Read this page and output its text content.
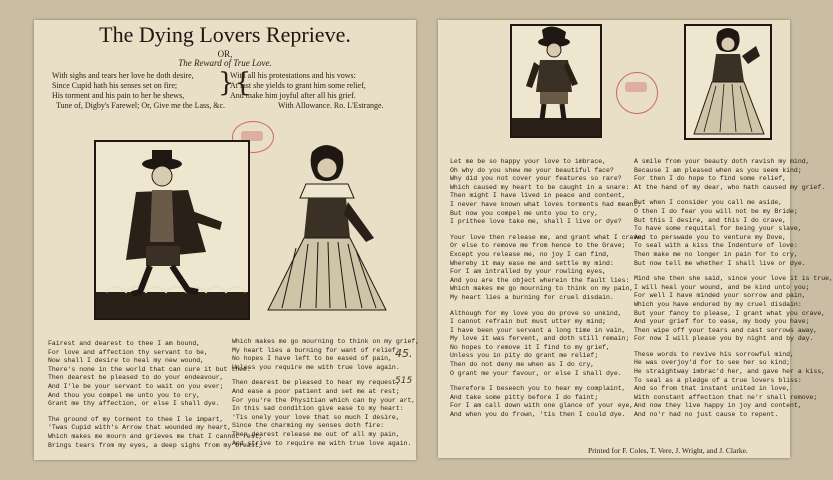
The Dying Lovers Reprieve.
OR,
The Reward of True Love.
With sighs and tears her love he doth desire,
Since Cupid hath his senses set on fire;
His torment and his pain to her he shews,	}{
With all his protestations and his vows:
At last she yields to grant him some relief,
And make him joyful after all his grief.
Tune of, Digby's Farewel; Or, Give me the Lass, &c.	With Allowance. Ro. L'Estrange.
Fairest and dearest to thee I am bound,
For love and affection thy servant to be,
Now shall I desire to heal my new wound,
There's none in the world that can cure it but thee:
Then dearest be pleased to do your endeavour,
And I'le be your servant to wait on you ever;
And thou you compel me unto you to cry,
Grant me thy affection, or else I shall dye.
The ground of my torment to thee I le impart,
'Twas Cupid with's Arrow that wounded my heart,
Which makes me mourn and grieves me that I cannot rest,
Brings tears from my eyes, a deep sighs from my breast,
Which makes me go mourning to think on my grief,
My heart lies a burning for want of relief;
No hopes I have left to be eased of pain,
Unless you require me with true love again.
Then dearest be pleased to hear my request,
And ease a poor patient and set me at rest;
For you're the Physitian which can by your art,
In this sad condition give ease to my heart:
'Tis onely your love that so much I desire,
Since the charming my senses doth fire:
Then dearest release me out of all my pain,
And strive to require me with true love again.
45.
515
Let me be so happy your love to imbrace,
Oh why do you shew me your beautiful face?
Why did you not cover your features so rare?
Which caused my heart to be caught in a snare:
Then might I have lived in peace and content,
I never have known what loves torments had meant;
But now you compel me unto you to cry,
I prithee love take me, shall I live or dye?
Your love then release me, and grant what I crave,
Or else to remove me from hence to the Grave;
Except you release me, no joy I can find,
Whereby it may ease me and settle my mind:
For I am intralled by your rowling eyes,
And you are the object wherein the fault lies:
Which makes me go mourning to think on my pain,
My heart lies a burning for cruel disdain.
Although for my love you do prove so unkind,
I cannot refrain but must utter my mind;
I have been your servant a long time in vain,
My love it was fervent, and doth still remain;
No hopes to remove it I find to my grief,
Unless you in pity do grant me relief;
Then do not deny me when as I do cry,
O grant me your favour, or else I shall dye.
Therefore I beseech you to hear my complaint,
And take some pitty before I do faint;
For I am call down with one glance of your eye,
And when you do frown, 'tis then I could dye.
A smile from your beauty doth ravish my mind,
Because I am pleased when as you seem kind;
For then I do hope to find some relief,
At the hand of my dear, who hath caused my grief.
But when I consider you call me aside,
O then I do fear you will not be my Bride;
But this I desire, and this I do crave,
To have some requital for being your slave,
And to perswade you to venture my Dove,
To seal with a kiss the Indenture of love:
Then make me no longer in pain for to cry,
But now tell me whether I shall live or dye.
Mind she then she said, since your love it is true,
I will heal your wound, and be kind unto you;
For well I have minded your sorrow and pain,
Which you have endured by my cruel disdain:
But your fancy to please, I grant what you crave,
And your grief for to ease, my body you have;
Then wipe off your tears and cast sorrows away,
For now I will please you by night and by day.
These words to revive his sorrowful mind,
He was overjoy'd for to see her so kind;
He straightway imbrac'd her, and gave her a kiss,
To seal as a pledge of a true lovers bliss:
And so from that instant united in love,
With constant affection that ne'r shall remove;
And now they live happy in joy and content,
And no'r had no just cause to repent.
Printed for F. Coles, T. Vere, J. Wright, and J. Clarke.
